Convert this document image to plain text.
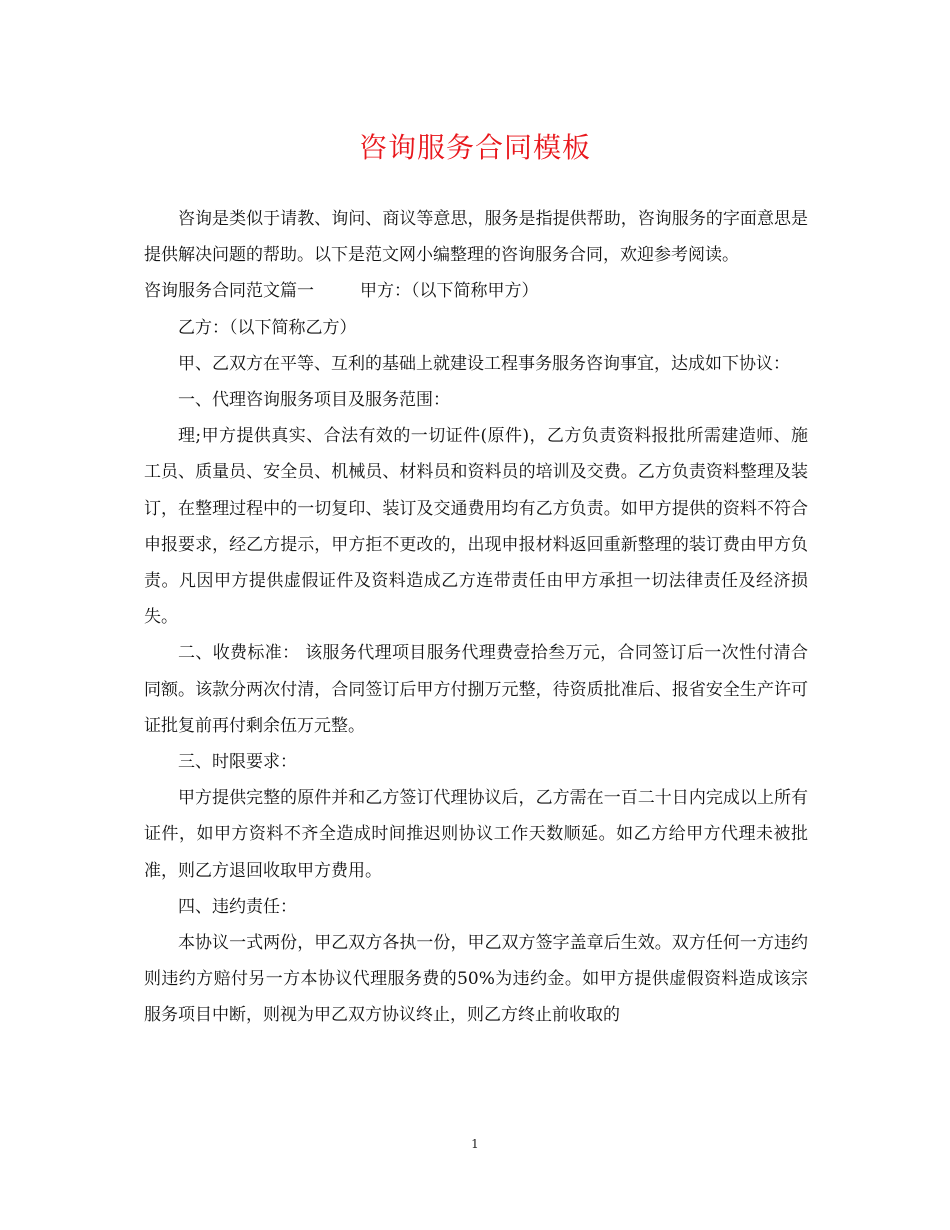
咨询服务合同模板

咨询是类似于请教、询问、商议等意思，服务是指提供帮助，咨询服务的字面意思是提供解决问题的帮助。以下是范文网小编整理的咨询服务合同，欢迎参考阅读。

咨询服务合同范文篇一	甲方：（以下简称甲方）

乙方：（以下简称乙方）

甲、乙双方在平等、互利的基础上就建设工程事务服务咨询事宜，达成如下协议：

一、代理咨询服务项目及服务范围：

理;甲方提供真实、合法有效的一切证件(原件)，乙方负责资料报批所需建造师、施工员、质量员、安全员、机械员、材料员和资料员的培训及交费。乙方负责资料整理及装订，在整理过程中的一切复印、装订及交通费用均有乙方负责。如甲方提供的资料不符合申报要求，经乙方提示，甲方拒不更改的，出现申报材料返回重新整理的装订费由甲方负责。凡因甲方提供虚假证件及资料造成乙方连带责任由甲方承担一切法律责任及经济损失。

二、收费标准： 该服务代理项目服务代理费壹拾叁万元，合同签订后一次性付清合同额。该款分两次付清，合同签订后甲方付捌万元整，待资质批准后、报省安全生产许可证批复前再付剩余伍万元整。

三、时限要求：

甲方提供完整的原件并和乙方签订代理协议后，乙方需在一百二十日内完成以上所有证件，如甲方资料不齐全造成时间推迟则协议工作天数顺延。如乙方给甲方代理未被批准，则乙方退回收取甲方费用。

四、违约责任：

本协议一式两份，甲乙双方各执一份，甲乙双方签字盖章后生效。双方任何一方违约则违约方赔付另一方本协议代理服务费的50%为违约金。如甲方提供虚假资料造成该宗服务项目中断，则视为甲乙双方协议终止，则乙方终止前收取的

1
